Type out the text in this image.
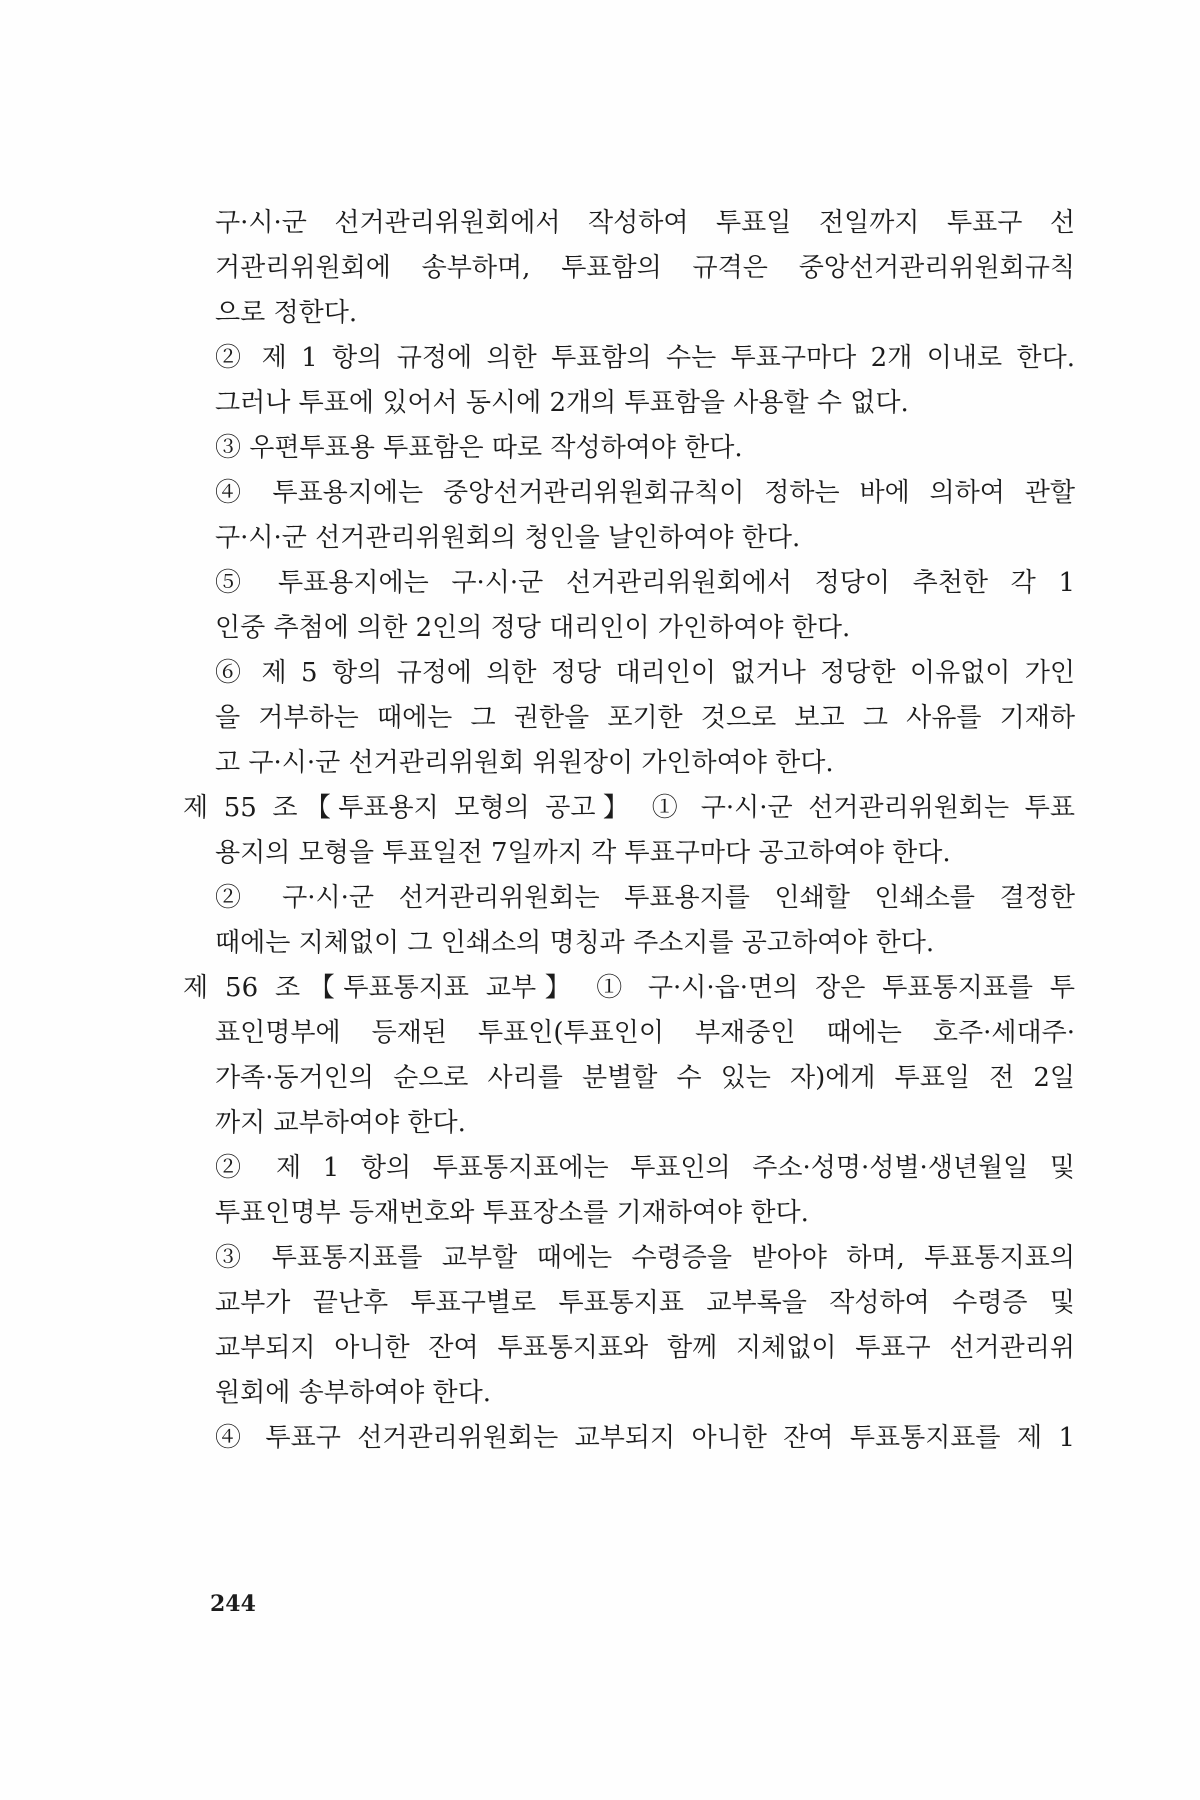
구·시·군 선거관리위원회에서 작성하여 투표일 전일까지 투표구 선
거관리위원회에 송부하며, 투표함의 규격은 중앙선거관리위원회규칙
으로 정한다.
② 제 1 항의 규정에 의한 투표함의 수는 투표구마다 2개 이내로 한다.
그러나 투표에 있어서 동시에 2개의 투표함을 사용할 수 없다.
③ 우편투표용 투표함은 따로 작성하여야 한다.
④ 투표용지에는 중앙선거관리위원회규칙이 정하는 바에 의하여 관할
구·시·군 선거관리위원회의 청인을 날인하여야 한다.
⑤ 투표용지에는 구·시·군 선거관리위원회에서 정당이 추천한 각 1
인중 추첨에 의한 2인의 정당 대리인이 가인하여야 한다.
⑥ 제 5 항의 규정에 의한 정당 대리인이 없거나 정당한 이유없이 가인
을 거부하는 때에는 그 권한을 포기한 것으로 보고 그 사유를 기재하
고 구·시·군 선거관리위원회 위원장이 가인하여야 한다.
제 55 조【투표용지 모형의 공고】 ① 구·시·군 선거관리위원회는 투표
용지의 모형을 투표일전 7일까지 각 투표구마다 공고하여야 한다.
② 구·시·군 선거관리위원회는 투표용지를 인쇄할 인쇄소를 결정한
때에는 지체없이 그 인쇄소의 명칭과 주소지를 공고하여야 한다.
제 56 조【투표통지표 교부】 ① 구·시·읍·면의 장은 투표통지표를 투
표인명부에 등재된 투표인(투표인이 부재중인 때에는 호주·세대주·
가족·동거인의 순으로 사리를 분별할 수 있는 자)에게 투표일 전 2일
까지 교부하여야 한다.
② 제 1 항의 투표통지표에는 투표인의 주소·성명·성별·생년월일 및
투표인명부 등재번호와 투표장소를 기재하여야 한다.
③ 투표통지표를 교부할 때에는 수령증을 받아야 하며, 투표통지표의
교부가 끝난후 투표구별로 투표통지표 교부록을 작성하여 수령증 및
교부되지 아니한 잔여 투표통지표와 함께 지체없이 투표구 선거관리위
원회에 송부하여야 한다.
④ 투표구 선거관리위원회는 교부되지 아니한 잔여 투표통지표를 제 1
244
